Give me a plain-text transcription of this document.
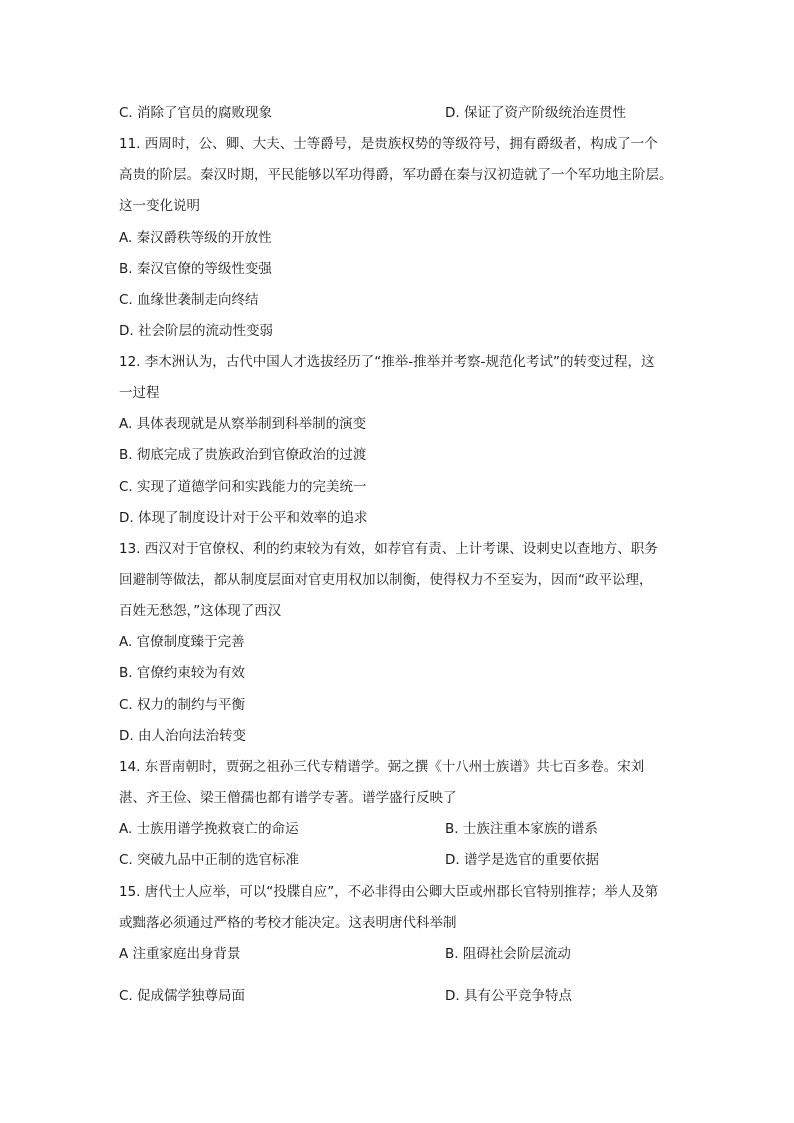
C. 消除了官员的腐败现象	D. 保证了资产阶级统治连贯性
11. 西周时，公、卿、大夫、士等爵号，是贵族权势的等级符号，拥有爵级者，构成了一个
高贵的阶层。秦汉时期，平民能够以军功得爵，军功爵在秦与汉初造就了一个军功地主阶层。
这一变化说明
A. 秦汉爵秩等级的开放性
B. 秦汉官僚的等级性变强
C. 血缘世袭制走向终结
D. 社会阶层的流动性变弱
12. 李木洲认为，古代中国人才选拔经历了“推举-推举并考察-规范化考试”的转变过程，这
一过程
A. 具体表现就是从察举制到科举制的演变
B. 彻底完成了贵族政治到官僚政治的过渡
C. 实现了道德学问和实践能力的完美统一
D. 体现了制度设计对于公平和效率的追求
13. 西汉对于官僚权、利的约束较为有效，如荐官有责、上计考课、设刺史以查地方、职务
回避制等做法，都从制度层面对官吏用权加以制衡，使得权力不至妄为，因而“政平讼理，
百姓无愁怨，”这体现了西汉
A. 官僚制度臻于完善
B. 官僚约束较为有效
C. 权力的制约与平衡
D. 由人治向法治转变
14. 东晋南朝时，贾弼之祖孙三代专精谱学。弼之撰《十八州士族谱》共七百多卷。宋刘
湛、齐王俭、梁王僧孺也都有谱学专著。谱学盛行反映了
A. 士族用谱学挽救衰亡的命运	B. 士族注重本家族的谱系
C. 突破九品中正制的选官标准	D. 谱学是选官的重要依据
15. 唐代士人应举，可以“投牒自应”，不必非得由公卿大臣或州郡长官特别推荐；举人及第
或黜落必须通过严格的考校才能决定。这表明唐代科举制
A 注重家庭出身背景	B. 阻碍社会阶层流动
C. 促成儒学独尊局面	D. 具有公平竞争特点
